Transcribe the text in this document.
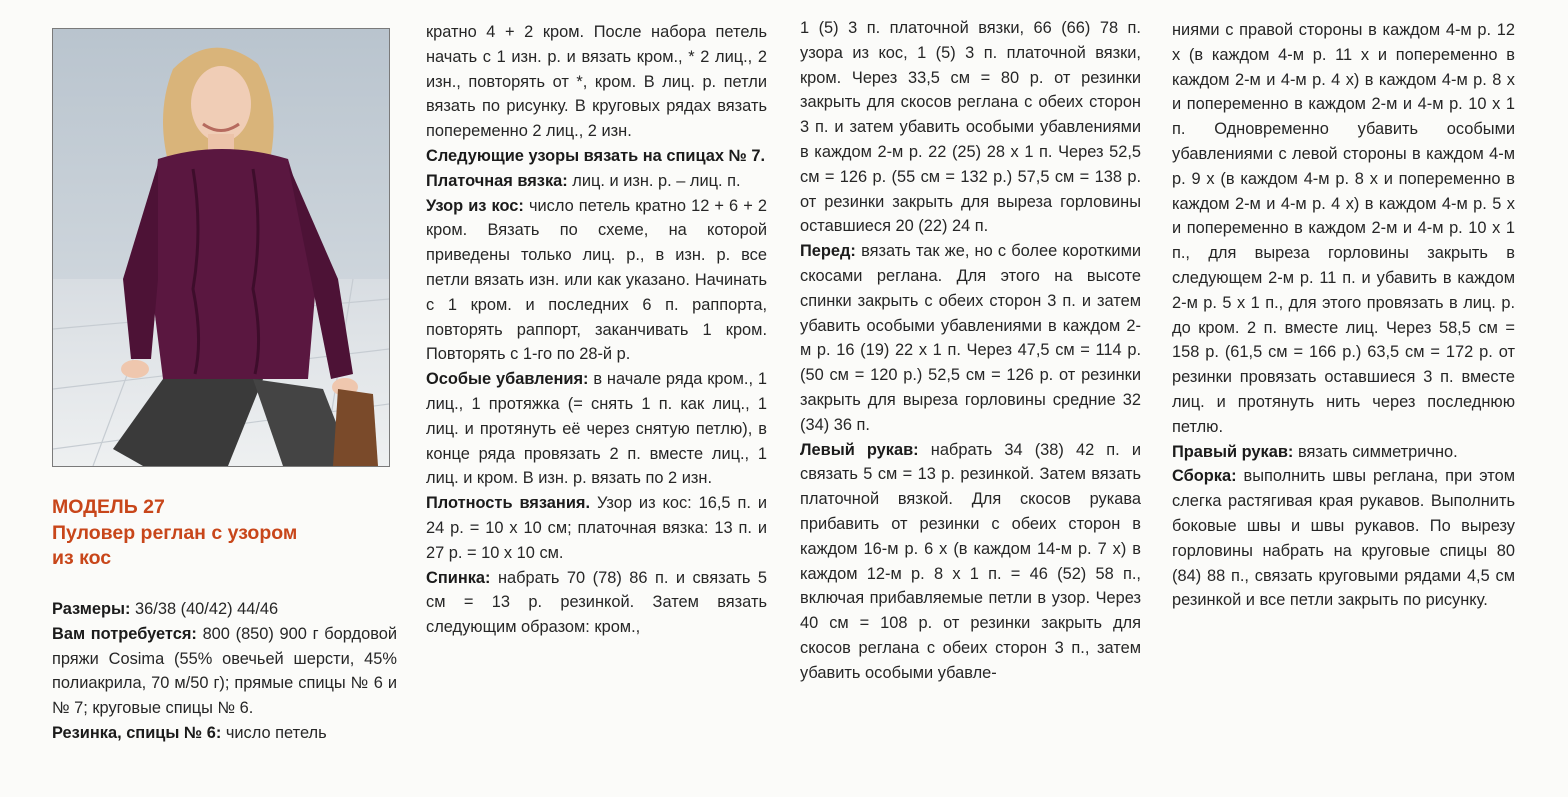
МОДЕЛЬ 27
Пуловер реглан с узором
из кос

Размеры: 36/38 (40/42) 44/46

Вам потребуется: 800 (850) 900 г бордовой пряжи Cosima (55% овечьей шерсти, 45% полиакрила, 70 м/50 г); прямые спицы № 6 и № 7; круговые спицы № 6.

Резинка, спицы № 6: число петель

кратно 4 + 2 кром. После набора петель начать с 1 изн. р. и вязать кром., * 2 лиц., 2 изн., повторять от *, кром. В лиц. р. петли вязать по рисунку. В круговых рядах вязать попеременно 2 лиц., 2 изн.

Следующие узоры вязать на спицах № 7.

Платочная вязка: лиц. и изн. р. – лиц. п.

Узор из кос: число петель кратно 12 + 6 + 2 кром. Вязать по схеме, на которой приведены только лиц. р., в изн. р. все петли вязать изн. или как указано. Начинать с 1 кром. и последних 6 п. раппорта, повторять раппорт, заканчивать 1 кром. Повторять с 1-го по 28-й р.

Особые убавления: в начале ряда кром., 1 лиц., 1 протяжка (= снять 1 п. как лиц., 1 лиц. и протянуть её через снятую петлю), в конце ряда провязать 2 п. вместе лиц., 1 лиц. и кром. В изн. р. вязать по 2 изн.

Плотность вязания. Узор из кос: 16,5 п. и 24 р. = 10 х 10 см; платочная вязка: 13 п. и 27 р. = 10 х 10 см.

Спинка: набрать 70 (78) 86 п. и связать 5 см = 13 р. резинкой. Затем вязать следующим образом: кром.,

1 (5) 3 п. платочной вязки, 66 (66) 78 п. узора из кос, 1 (5) 3 п. платочной вязки, кром. Через 33,5 см = 80 р. от резинки закрыть для скосов реглана с обеих сторон 3 п. и затем убавить особыми убавлениями в каждом 2-м р. 22 (25) 28 х 1 п. Через 52,5 см = 126 р. (55 см = 132 р.) 57,5 см = 138 р. от резинки закрыть для выреза горловины оставшиеся 20 (22) 24 п.

Перед: вязать так же, но с более короткими скосами реглана. Для этого на высоте спинки закрыть с обеих сторон 3 п. и затем убавить особыми убавлениями в каждом 2-м р. 16 (19) 22 х 1 п. Через 47,5 см = 114 р. (50 см = 120 р.) 52,5 см = 126 р. от резинки закрыть для выреза горловины средние 32 (34) 36 п.

Левый рукав: набрать 34 (38) 42 п. и связать 5 см = 13 р. резинкой. Затем вязать платочной вязкой. Для скосов рукава прибавить от резинки с обеих сторон в каждом 16-м р. 6 х (в каждом 14-м р. 7 х) в каждом 12-м р. 8 х 1 п. = 46 (52) 58 п., включая прибавляемые петли в узор. Через 40 см = 108 р. от резинки закрыть для скосов реглана с обеих сторон 3 п., затем убавить особыми убавле-

ниями с правой стороны в каждом 4-м р. 12 х (в каждом 4-м р. 11 х и попеременно в каждом 2-м и 4-м р. 4 х) в каждом 4-м р. 8 х и попеременно в каждом 2-м и 4-м р. 10 х 1 п. Одновременно убавить особыми убавлениями с левой стороны в каждом 4-м р. 9 х (в каждом 4-м р. 8 х и попеременно в каждом 2-м и 4-м р. 4 х) в каждом 4-м р. 5 х и попеременно в каждом 2-м и 4-м р. 10 х 1 п., для выреза горловины закрыть в следующем 2-м р. 11 п. и убавить в каждом 2-м р. 5 х 1 п., для этого провязать в лиц. р. до кром. 2 п. вместе лиц. Через 58,5 см = 158 р. (61,5 см = 166 р.) 63,5 см = 172 р. от резинки провязать оставшиеся 3 п. вместе лиц. и протянуть нить через последнюю петлю.

Правый рукав: вязать симметрично.

Сборка: выполнить швы реглана, при этом слегка растягивая края рукавов. Выполнить боковые швы и швы рукавов. По вырезу горловины набрать на круговые спицы 80 (84) 88 п., связать круговыми рядами 4,5 см резинкой и все петли закрыть по рисунку.
